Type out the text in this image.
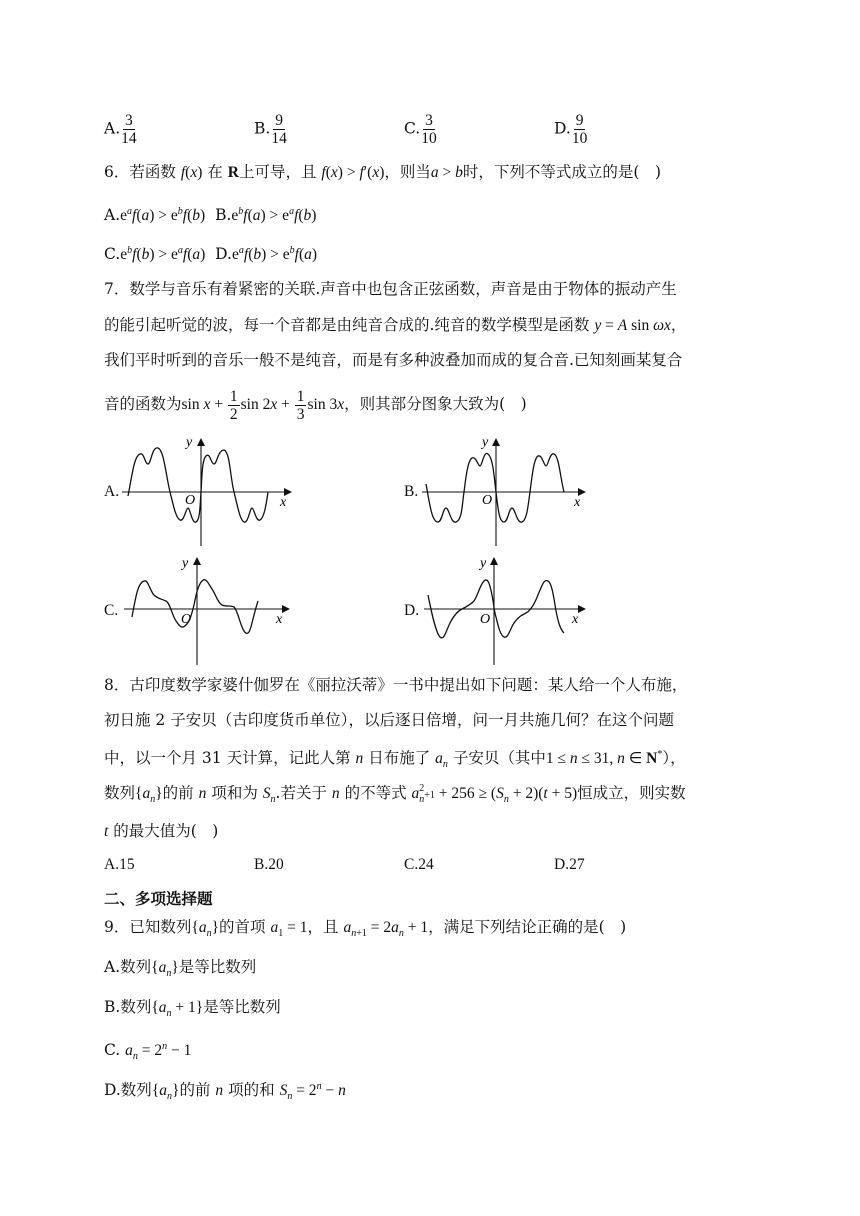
A. $\frac{3}{14}$	B. $\frac{9}{14}$	C. $\frac{3}{10}$	D. $\frac{9}{10}$
6．若函数 f(x) 在 R上可导，且 f(x) > f′(x)，则当a > b时，下列不等式成立的是(　)
$A.e^af(a) > e^bf(b) B.e^bf(a) > e^af(b)$
$C.e^bf(b) > e^af(a) D.e^af(b) > e^bf(a)$
7．数学与音乐有着紧密的关联.声音中也包含正弦函数，声音是由于物体的振动产生
的能引起听觉的波，每一个音都是由纯音合成的.纯音的数学模型是函数 y = A sin ωx，
我们平时听到的音乐一般不是纯音，而是有多种波叠加而成的复合音.已知刻画某复合
音的函数为$\sin x + \frac{1}{2}$ $\sin 2x + \frac{1}{3}$ sin 3x，则其部分图象大致为(　)
A.	B.
C.	D.
y
x
O
y
x
O
y
x
O
y
x
O
8．古印度数学家婆什伽罗在《丽拉沃蒂》一书中提出如下问题：某人给一个人布施，
初日施 2 子安贝（古印度货币单位），以后逐日倍增，问一月共施几何？在这个问题
中，以一个月 31 天计算，记此人第 n 日布施了 $a_n$ 子安贝（其中1 ≤ n ≤ 31, n ∈ N*），
数列$\{a_n\}$的前 n 项和为 $S_n$.若关于 n 的不等式 a 2
$n +1 + 256 \ge (S_n + 2)(t + 5)$恒成立，则实数
t 的最大值为(　)
A.15	B.20	C.24	D.27
二、多项选择题
9．已知数列$\{a_n\}$的首项 $a_1 = 1$，且 $a_{n+1} = 2a_n + 1$，满足下列结论正确的是(　)
A.数列$\{a_n\}$是等比数列
B.数列$\{a_n + 1\}$是等比数列
C. $a_n = 2^n - 1$
D.数列$\{a_n\}$的前 n 项的和 $S_n = 2^n - n$
